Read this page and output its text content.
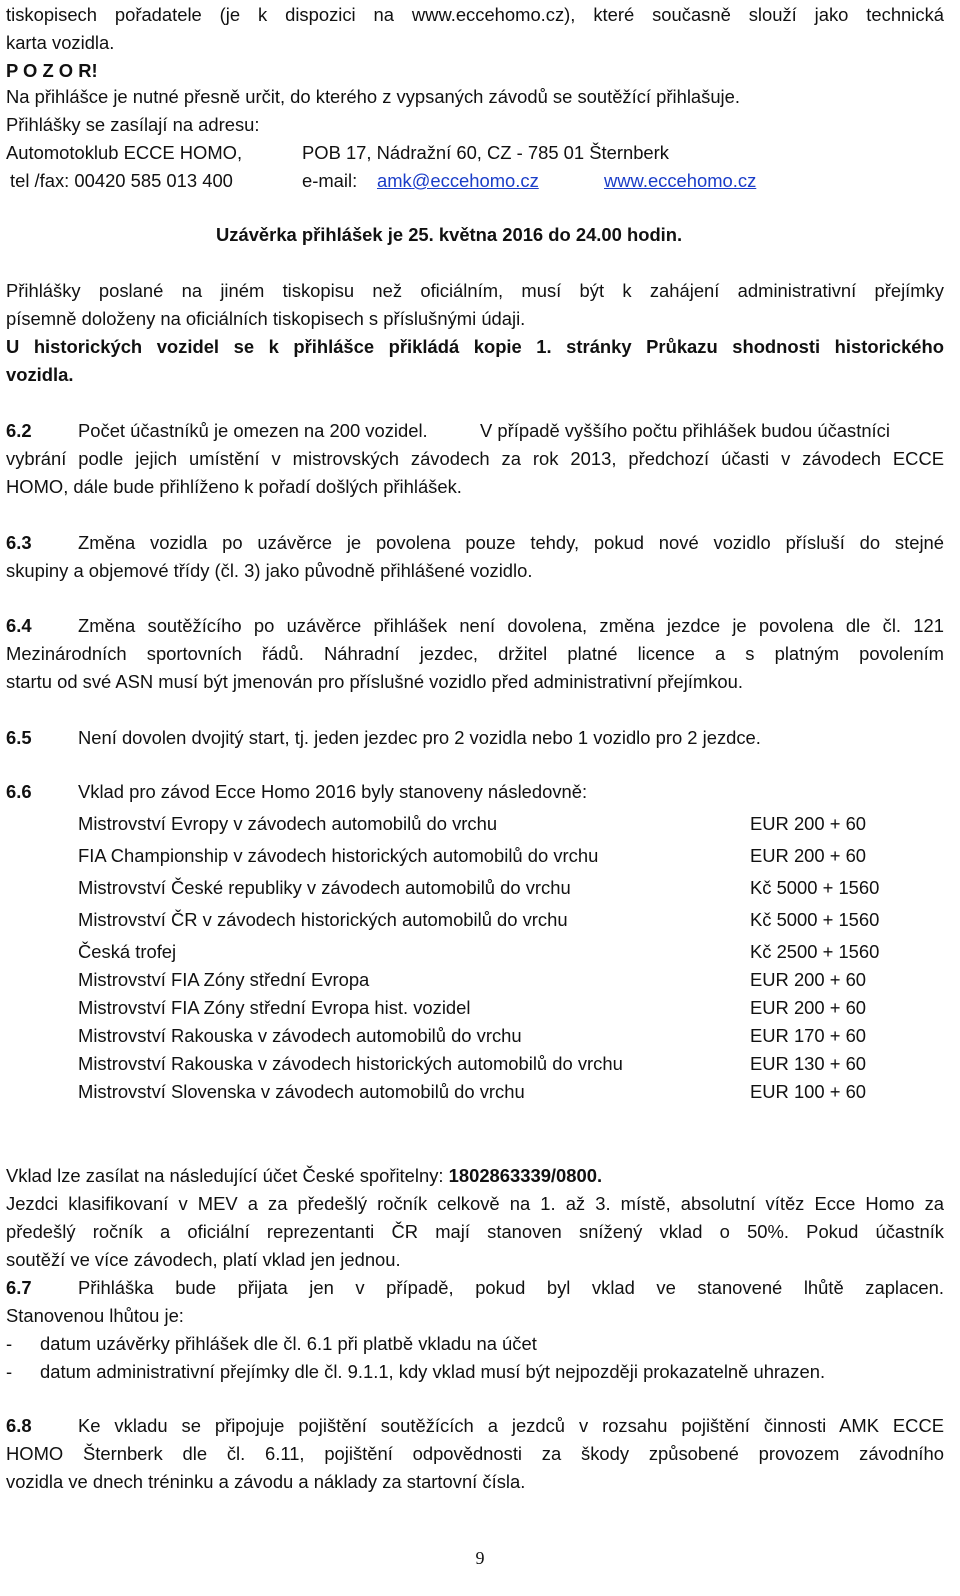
tiskopisech pořadatele (je k dispozici na www.eccehomo.cz), které současně slouží jako technická
karta vozidla.
P O Z O R!
Na přihlášce je nutné přesně určit, do kterého z vypsaných závodů se soutěžící přihlašuje.
Přihlášky se zasílají na adresu:
Automotoklub ECCE HOMO,	POB 17, Nádražní 60, CZ - 785 01 Šternberk
tel /fax: 00420 585 013 400	e-mail: amk@eccehomo.cz	www.eccehomo.cz
Uzávěrka přihlášek je 25. května 2016 do 24.00 hodin.
Přihlášky poslané na jiném tiskopisu než oficiálním, musí být k zahájení administrativní přejímky
písemně doloženy na oficiálních tiskopisech s příslušnými údaji.
U historických vozidel se k přihlášce přikládá kopie 1. stránky Průkazu shodnosti historického
vozidla.
6.2	Počet účastníků je omezen na 200 vozidel.	V případě vyššího počtu přihlášek budou účastníci
vybrání podle jejich umístění v mistrovských závodech za rok 2013, předchozí účasti v závodech ECCE
HOMO, dále bude přihlíženo k pořadí došlých přihlášek.
6.3	Změna vozidla po uzávěrce je povolena pouze tehdy, pokud nové vozidlo přísluší do stejné
skupiny a objemové třídy (čl. 3) jako původně přihlášené vozidlo.
6.4	Změna soutěžícího po uzávěrce přihlášek není dovolena, změna jezdce je povolena dle čl. 121
Mezinárodních sportovních řádů. Náhradní jezdec, držitel platné licence a s platným povolením
startu od své ASN musí být jmenován pro příslušné vozidlo před administrativní přejímkou.
6.5	Není dovolen dvojitý start, tj. jeden jezdec pro 2 vozidla nebo 1 vozidlo pro 2 jezdce.
6.6	Vklad pro závod Ecce Homo 2016 byly stanoveny následovně:
Mistrovství Evropy v závodech automobilů do vrchu	EUR 200 + 60
FIA Championship v závodech historických automobilů do vrchu	EUR 200 + 60
Mistrovství České republiky v závodech automobilů do vrchu	Kč 5000 + 1560
Mistrovství ČR v závodech historických automobilů do vrchu	Kč 5000 + 1560
Česká trofej	Kč 2500 + 1560
Mistrovství FIA Zóny střední Evropa	EUR 200 + 60
Mistrovství FIA Zóny střední Evropa hist. vozidel	EUR 200 + 60
Mistrovství Rakouska v závodech automobilů do vrchu	EUR 170 + 60
Mistrovství Rakouska v závodech historických automobilů do vrchu	EUR 130 + 60
Mistrovství Slovenska v závodech automobilů do vrchu	EUR 100 + 60
Vklad lze zasílat na následující účet České spořitelny: 1802863339/0800.
Jezdci klasifikovaní v MEV a za předešlý ročník celkově na 1. až 3. místě, absolutní vítěz Ecce Homo za
předešlý ročník a oficiální reprezentanti ČR mají stanoven snížený vklad o 50%. Pokud účastník
soutěží ve více závodech, platí vklad jen jednou.
6.7	Přihláška bude přijata jen v případě, pokud byl vklad ve stanovené lhůtě zaplacen.
Stanovenou lhůtou je:
- datum uzávěrky přihlášek dle čl. 6.1 při platbě vkladu na účet
- datum administrativní přejímky dle čl. 9.1.1, kdy vklad musí být nejpozději prokazatelně uhrazen.
6.8	Ke vkladu se připojuje pojištění soutěžících a jezdců v rozsahu pojištění činnosti AMK ECCE
HOMO Šternberk dle čl. 6.11, pojištění odpovědnosti za škody způsobené provozem závodního
vozidla ve dnech tréninku a závodu a náklady za startovní čísla.
9
